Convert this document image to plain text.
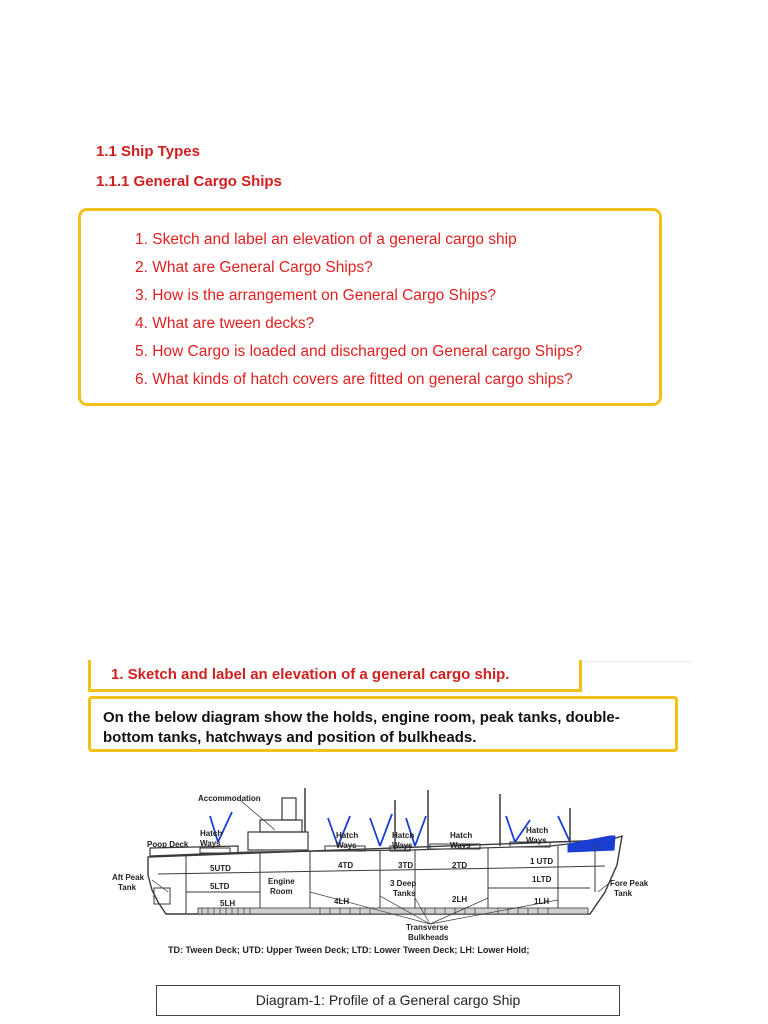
1.1 Ship Types
1.1.1 General Cargo Ships
1. Sketch and label an elevation of a general cargo ship
2. What are General Cargo Ships?
3. How is the arrangement on General Cargo Ships?
4. What are tween decks?
5. How Cargo is loaded and discharged on General cargo Ships?
6. What kinds of hatch covers are fitted on general cargo ships?
1. Sketch and label an elevation of a general cargo ship.
On the below diagram show the holds, engine room, peak tanks, double-bottom tanks, hatchways and position of bulkheads.
Accommodation
Poop Deck
Hatch
Ways
Hatch
Ways
Hatch
Ways
Hatch
Ways
Hatch
Ways
Aft Peak
Tank	Fore Peak
Tank
Engine
Room
3 Deep
Tanks
Transverse
Bulkheads
5UTD
5LTD
5LH
4TD
4LH
3TD	2TD
2LH
1 UTD
1LTD
1LH
TD: Tween Deck; UTD: Upper Tween Deck; LTD: Lower Tween Deck; LH: Lower Hold;
Diagram-1: Profile of a General cargo Ship
